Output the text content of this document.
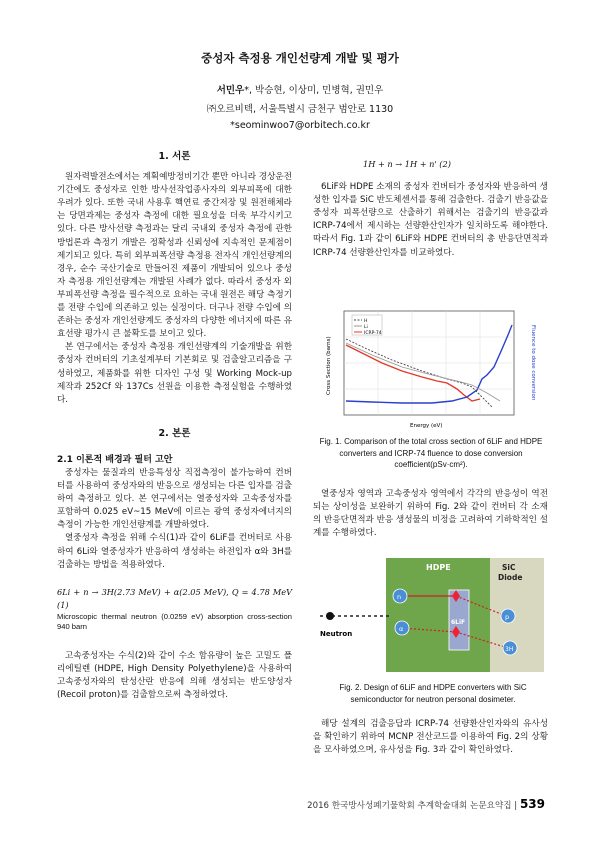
중성자 측정용 개인선량계 개발 및 평가
서민우*, 박승현, 이상미, 민병혁, 권민우
㈜오르비텍, 서울특별시 금천구 범안로 1130
*seominwoo7@orbitech.co.kr

1. 서론

원자력발전소에서는 계획예방정비기간 뿐만 아니라 경상운전기간에도 중성자로 인한 방사선작업종사자의 외부피폭에 대한 우려가 있다. 또한 국내 사용후 핵연료 중간저장 및 원전해체라는 당면과제는 중성자 측정에 대한 필요성을 더욱 부각시키고 있다. 다른 방사선량 측정과는 달리 국내외 중성자 측정에 관한 방법론과 측정기 개발은 정확성과 신뢰성에 지속적인 문제점이 제기되고 있다. 특히 외부피폭선량 측정용 전자식 개인선량계의 경우, 순수 국산기술로 만들어진 제품이 개발되어 있으나 중성자 측정용 개인선량계는 개발된 사례가 없다. 따라서 중성자 외부피폭선량 측정을 필수적으로 요하는 국내 원전은 해당 측정기를 전량 수입에 의존하고 있는 실정이다. 더구나 전량 수입에 의존하는 중성자 개인선량계도 중성자의 다양한 에너지에 따른 유효선량 평가시 큰 불확도를 보이고 있다.

본 연구에서는 중성자 측정용 개인선량계의 기술개발을 위한 중성자 컨버터의 기초설계부터 기본회로 및 검출알고리즘을 구성하였고, 제품화를 위한 디자인 구성 및 Working Mock-up 제작과 252Cf 와 137Cs 선원을 이용한 측정실험을 수행하였다.

2. 본론

2.1 이론적 배경과 필터 고안

중성자는 물질과의 반응특성상 직접측정이 불가능하여 컨버터를 사용하여 중성자와의 반응으로 생성되는 다른 입자를 검출하여 측정하고 있다. 본 연구에서는 열중성자와 고속중성자를 포함하여 0.025 eV~15 MeV에 이르는 광역 중성자에너지의 측정이 가능한 개인선량계를 개발하였다.

열중성자 측정을 위해 수식(1)과 같이 6LiF를 컨버터로 사용하여 6Li와 열중성자가 반응하여 생성하는 하전입자 α와 3H를 검출하는 방법을 적용하였다.

6Li + n → 3H(2.73 MeV) + α(2.05 MeV), Q = 4.78 MeV (1)

Microscopic thermal neutron (0.0259 eV) absorption cross-section 940 barn

고속중성자는 수식(2)와 같이 수소 함유량이 높은 고밀도 폴리에틸렌 (HDPE, High Density Polyethylene)을 사용하여 고속중성자와의 탄성산란 반응에 의해 생성되는 반도양성자(Recoil proton)를 검출함으로써 측정하였다.

1H + n → 1H + n' (2)

6LiF와 HDPE 소재의 중성자 컨버터가 중성자와 반응하여 생성한 입자를 SiC 반도체센서를 통해 검출한다. 검출기 반응값을 중성자 피폭선량으로 산출하기 위해서는 검출기의 반응값과 ICRP-74에서 제시하는 선량환산인자가 일치하도록 해야한다. 따라서 Fig. 1과 같이 6LiF와 HDPE 컨버터의 총 반응단면적과 ICRP-74 선량환산인자를 비교하였다.

H
Li
ICRP-74
Cross Section (barns)	Fluence to dose conversion
Energy (eV)
Fig. 1. Comparison of the total cross section of 6LiF and HDPE converters and ICRP-74 fluence to dose conversion coefficient(pSv·cm²).

열중성자 영역과 고속중성자 영역에서 각각의 반응성이 역전되는 상이성을 보완하기 위하여 Fig. 2와 같이 컨버터 각 소재의 반응단면적과 반응 생성물의 비정을 고려하여 기하학적인 설계를 수행하였다.

HDPE	SiC
Diode
6LiF
Neutron
n
p
α
3H
Fig. 2. Design of 6LiF and HDPE converters with SiC semiconductor for neutron personal dosimeter.

해당 설계의 검출응답과 ICRP-74 선량환산인자와의 유사성을 확인하기 위하여 MCNP 전산코드를 이용하여 Fig. 2의 상황을 모사하였으며, 유사성을 Fig. 3과 같이 확인하였다.

2016 한국방사성폐기물학회 추계학술대회 논문요약집 | 539
